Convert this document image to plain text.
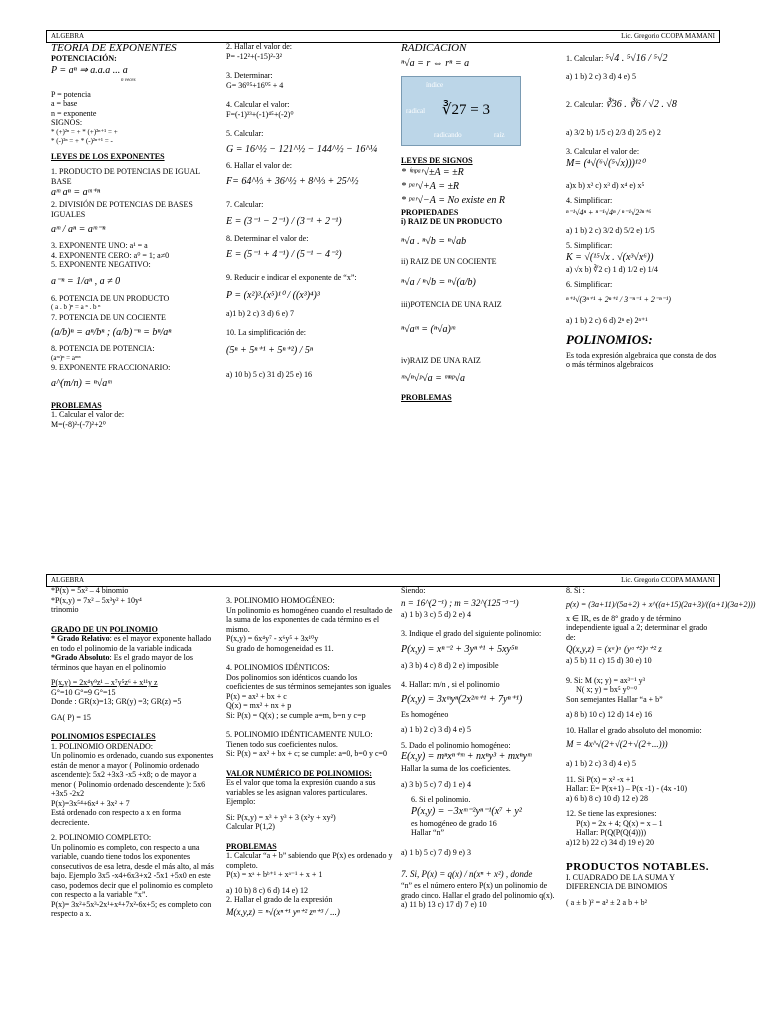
ALGEBRA	Lic. Gregorio CCOPA MAMANI
TEORIA DE EXPONENTES
POTENCIACIÓN:
P = aⁿ ⇒ a.a.a ... a
n veces
P = potencia
a = base
n = exponente
SIGNOS:
* (+)²ⁿ = + * (+)²ⁿ⁺¹ = +
* (-)²ⁿ = + * (-)²ⁿ⁺¹ = -
LEYES DE LOS EXPONENTES
1. PRODUCTO DE POTENCIAS DE IGUAL BASE
aᵐ aⁿ = aᵐ⁺ⁿ
2. DIVISIÓN DE POTENCIAS DE BASES IGUALES
aᵐ / aⁿ = aᵐ⁻ⁿ
3. EXPONENTE UNO: a¹ = a
4. EXPONENTE CERO: a⁰ = 1; a≠0
5. EXPONENTE NEGATIVO:
a⁻ⁿ = 1/aⁿ , a ≠ 0
6. POTENCIA DE UN PRODUCTO
( a . b )ⁿ = a ⁿ . b ⁿ
7. POTENCIA DE UN COCIENTE
(a/b)ⁿ = aⁿ/bⁿ ; (a/b)⁻ⁿ = bⁿ/aⁿ
8. POTENCIA DE POTENCIA:
(aᵐ)ⁿ = aᵐⁿ
9. EXPONENTE FRACCIONARIO:
a^(m/n) = ⁿ√aᵐ
PROBLEMAS
1. Calcular el valor de:
M=(-8)²-(-7)²+2⁰
2. Hallar el valor de:
P= -12²+(-15)²-3²
3. Determinar:
G= 36⁰⁵+16⁰⁵ + 4
4. Calcular el valor:
F=(-1)²³+(-1)⁴⁵+(-2)⁰
5. Calcular:
G = 16^½ − 121^½ − 144^½ − 16^¼
6. Hallar el valor de:
F= 64^⅓ + 36^½ + 8^⅓ + 25^½
7. Calcular:
E = (3⁻¹ − 2⁻¹) / (3⁻¹ + 2⁻¹)
8. Determinar el valor de:
E = (5⁻¹ + 4⁻¹) / (5⁻¹ − 4⁻²)
9. Reducir e indicar el exponente de “x”:
P = (x²)³.(x⁵)¹⁰ / ((x³)⁴)³
a)1 b) 2 c) 3 d) 6 e) 7
10. La simplificación de:
(5ⁿ + 5ⁿ⁺¹ + 5ⁿ⁺²) / 5ⁿ
a) 10 b) 5 c) 31 d) 25 e) 16
RADICACION
ⁿ√a = r ⇔ rⁿ = a
índice
radical ∛27 = 3
radicando	raíz
LEYES DE SIGNOS
* ⁱᵐᵖᵃʳ√±A = ±R
* ᵖᵃʳ√+A = ±R
* ᵖᵃʳ√−A = No existe en R
PROPIEDADES
i) RAIZ DE UN PRODUCTO
ⁿ√a . ⁿ√b = ⁿ√ab
ii) RAIZ DE UN COCIENTE
ⁿ√a / ⁿ√b = ⁿ√(a/b)
iii)POTENCIA DE UNA RAIZ
ⁿ√aᵐ = (ⁿ√a)ᵐ
iv)RAIZ DE UNA RAIZ
ᵐ√ⁿ√ᵖ√a = ᵐⁿᵖ√a
PROBLEMAS
1. Calcular: ⁵√4 . ⁵√16 / ⁵√2
a) 1 b) 2 c) 3 d) 4 e) 5
2. Calcular: ∛36 . ∛6 / √2 . √8
a) 3/2 b) 1/5 c) 2/3 d) 2/5 e) 2
3. Calcular el valor de:
M= (⁴√(⁶√(⁵√x)))¹²⁰
a)x b) x² c) x³ d) x⁴ e) x⁵
4. Simplificar:
ⁿ⁻¹√4ⁿ + ⁿ⁻¹√4ⁿ / ⁿ⁻¹√2²ⁿ⁺⁶
a) 1 b) 2 c) 3/2 d) 5/2 e) 1/5
5. Simplificar:
K = √(¹⁵√x . √(x³√x⁶))
a) √x b) ∛2 c) 1 d) 1/2 e) 1/4
6. Simplificar:
ⁿ⁺¹√(3ⁿ⁺¹ + 2ⁿ⁺¹ / 3⁻ⁿ⁻¹ + 2⁻ⁿ⁻¹)
a) 1 b) 2 c) 6 d) 2ⁿ e) 2ⁿ⁺¹
POLINOMIOS:
Es toda expresión algebraica que consta de dos o más términos algebraicos
ALGEBRA	Lic. Gregorio CCOPA MAMANI
*P(x) = 5x² – 4 binomio
*P(x,y) = 7x² – 5x³y² + 10y⁴
trinomio
GRADO DE UN POLINOMIO
* Grado Relativo: es el mayor exponente hallado en todo el polinomio de la variable indicada
*Grado Absoluto: Es el grado mayor de los términos que hayan en el polinomio
P(x,y) = 2x⁴y⁹z¹ – x⁷y⁵z⁶ + x¹¹y z
G°=10 G°=9 G°=15
Donde : GR(x)=13; GR(y) =3; GR(z) =5
GA( P) = 15
POLINOMIOS ESPECIALES
1. POLINOMIO ORDENADO:
Un polinomio es ordenado, cuando sus exponentes están de menor a mayor ( Polinomio ordenado ascendente): 5x2 +3x3 -x5 +x8; o de mayor a menor ( Polinomio ordenado descendente ): 5x6 +3x5 -2x2
P(x)=3x⁵⁴+6x⁴ + 3x² + 7
Está ordenado con respecto a x en forma decreciente.
2. POLINOMIO COMPLETO:
Un polinomio es completo, con respecto a una variable, cuando tiene todos los exponentes consecutivos de esa letra, desde el más alto, al más bajo. Ejemplo 3x5 -x4+6x3+x2 -5x1 +5x0 en este caso, podemos decir que el polinomio es completo con respecto a la variable “x”.
P(x)= 3x²+5x³-2x¹+x⁴+7x²-6x+5; es completo con respecto a x.
3. POLINOMIO HOMOGÉNEO:
Un polinomio es homogéneo cuando el resultado de la suma de los exponentes de cada término es el mismo.
P(x,y) = 6x⁴y⁷ - x⁶y⁵ + 3x¹⁰y
Su grado de homogeneidad es 11.
4. POLINOMIOS IDÉNTICOS:
Dos polinomios son idénticos cuando los coeficientes de sus términos semejantes son iguales
P(x) = ax² + bx + c
Q(x) = mx² + nx + p
Si: P(x) = Q(x) ; se cumple a=m, b=n y c=p
5. POLINOMIO IDÉNTICAMENTE NULO:
Tienen todo sus coeficientes nulos.
Si: P(x) = ax² + bx + c; se cumple: a=0, b=0 y c=0
VALOR NUMÉRICO DE POLINOMIOS:
Es el valor que toma la expresión cuando a sus variables se les asignan valores particulares. Ejemplo:
Si: P(x,y) = x³ + y³ + 3 (x²y + xy²)
Calcular P(1,2)
PROBLEMAS
1. Calcular “a + b” sabiendo que P(x) es ordenado y completo.
P(x) = xᵃ + bᵇ⁺¹ + xᵃ⁻¹ + x + 1
a) 10 b) 8 c) 6 d) 14 e) 12
2. Hallar el grado de la expresión
M(x,y,z) = ⁿ√(xⁿ⁺¹ yⁿ⁺² zⁿ⁺³ / ...)
Siendo:
n = 16^(2⁻¹) ; m = 32^(125⁻³⁻¹)
a) 1 b) 3 c) 5 d) 2 e) 4
3. Indique el grado del siguiente polinomio:
P(x,y) = xⁿ⁻² + 3yⁿ⁺¹ + 5xy⁵ⁿ
a) 3 b) 4 c) 8 d) 2 e) imposible
4. Hallar: m/n , si el polinomio
P(x,y) = 3xᵐyⁿ(2x²ᵐ⁺¹ + 7yⁿ⁺¹)
Es homogéneo
a) 1 b) 2 c) 3 d) 4 e) 5
5. Dado el polinomio homogéneo:
E(x,y) = mⁿxⁿ⁺ᵐ + nxⁿy³ + mxⁿyᵐ
Hallar la suma de los coeficientes.
a) 3 b) 5 c) 7 d) 1 e) 4
6. Si el polinomio.
P(x,y) = −3xᵐ⁻²yⁿ⁻¹(x⁷ + y²
es homogéneo de grado 16
Hallar “n”
a) 1 b) 5 c) 7 d) 9 e) 3
7. Si, P(x) = q(x) / n(xⁿ + x²) , donde
“n” es el número entero P(x) un polinomio de grado cinco. Hallar el grado del polinomio q(x).
a) 11 b) 13 c) 17 d) 7 e) 10
8. Si :
p(x) = (3a+11)/(5a+2) + x^((a+15)(2a+3)/((a+1)(3a+2)))
x ∈ IR, es de 8° grado y de término independiente igual a 2; determinar el grado de:
Q(x,y,z) = (xᵃ)ᵃ (yᵃ⁺²)ᵃ⁺² z
a) 5 b) 11 c) 15 d) 30 e) 10
9. Si: M (x; y) = ax³⁻¹ y³
N( x; y) = bx⁵ y⁰⁻⁰
Son semejantes Hallar “a + b”
a) 8 b) 10 c) 12 d) 14 e) 16
10. Hallar el grado absoluto del monomio:
M = 4x^√(2+√(2+√(2+...)))
a) 1 b) 2 c) 3 d) 4 e) 5
11. Si P(x) = x² -x +1
Hallar: E= P(x+1) – P(x -1) - (4x -10)
a) 6 b) 8 c) 10 d) 12 e) 28
12. Se tiene las expresiones:
P(x) = 2x + 4; Q(x) = x – 1
Hallar: P(Q(P(Q(4))))
a)12 b) 22 c) 34 d) 19 e) 20
PRODUCTOS NOTABLES.
I. CUADRADO DE LA SUMA Y DIFERENCIA DE BINOMIOS
( a ± b )² = a² ± 2 a b + b²
